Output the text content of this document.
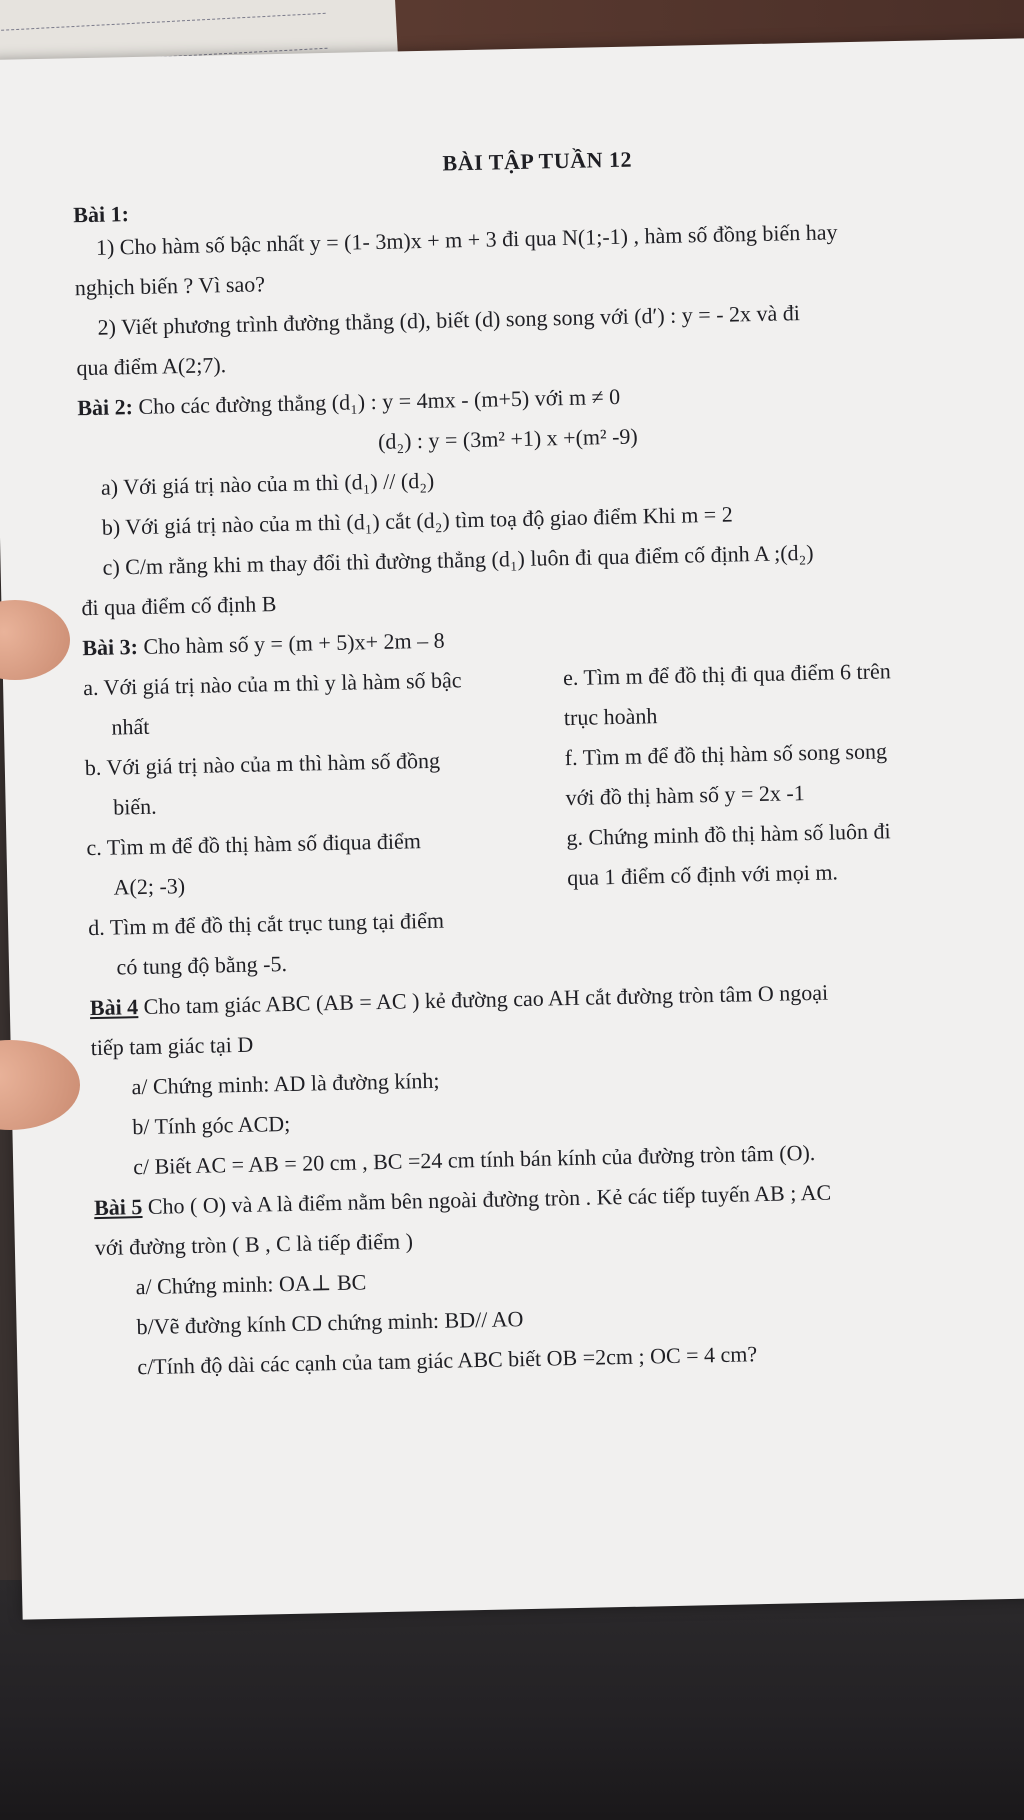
BÀI TẬP TUẦN 12
Bài 1:
1) Cho hàm số bậc nhất y = (1- 3m)x + m + 3 đi qua N(1;-1) , hàm số đồng biến hay
nghịch biến ? Vì sao?
2) Viết phương trình đường thẳng (d), biết (d) song song với (d′) : y = - 2x và đi
qua điểm A(2;7).
Bài 2: Cho các đường thẳng (d₁) : y = 4mx - (m+5) với m ≠ 0
(d₂) : y = (3m² +1) x +(m² -9)
a) Với giá trị nào của m thì (d₁) // (d₂)
b) Với giá trị nào của m thì (d₁) cắt (d₂) tìm toạ độ giao điểm Khi m = 2
c) C/m rằng khi m thay đổi thì đường thẳng (d₁) luôn đi qua điểm cố định A ;(d₂)
đi qua điểm cố định B
Bài 3: Cho hàm số y = (m + 5)x+ 2m – 8
a. Với giá trị nào của m thì y là hàm số bậc
nhất
b. Với giá trị nào của m thì hàm số đồng
biến.
c. Tìm m để đồ thị hàm số điqua điểm
A(2; -3)
d. Tìm m để đồ thị cắt trục tung tại điểm
có tung độ bằng -5.
e. Tìm m để đồ thị đi qua điểm 6 trên
trục hoành
f. Tìm m để đồ thị hàm số song song
với đồ thị hàm số y = 2x -1
g. Chứng minh đồ thị hàm số luôn đi
qua 1 điểm cố định với mọi m.
Bài 4 Cho tam giác ABC (AB = AC ) kẻ đường cao AH cắt đường tròn tâm O ngoại
tiếp tam giác tại D
a/ Chứng minh: AD là đường kính;
b/ Tính góc ACD;
c/ Biết AC = AB = 20 cm , BC =24 cm tính bán kính của đường tròn tâm (O).
Bài 5 Cho ( O) và A là điểm nằm bên ngoài đường tròn . Kẻ các tiếp tuyến AB ; AC
với đường tròn ( B , C là tiếp điểm )
a/ Chứng minh: OA⊥ BC
b/Vẽ đường kính CD chứng minh: BD// AO
c/Tính độ dài các cạnh của tam giác ABC biết OB =2cm ; OC = 4 cm?
